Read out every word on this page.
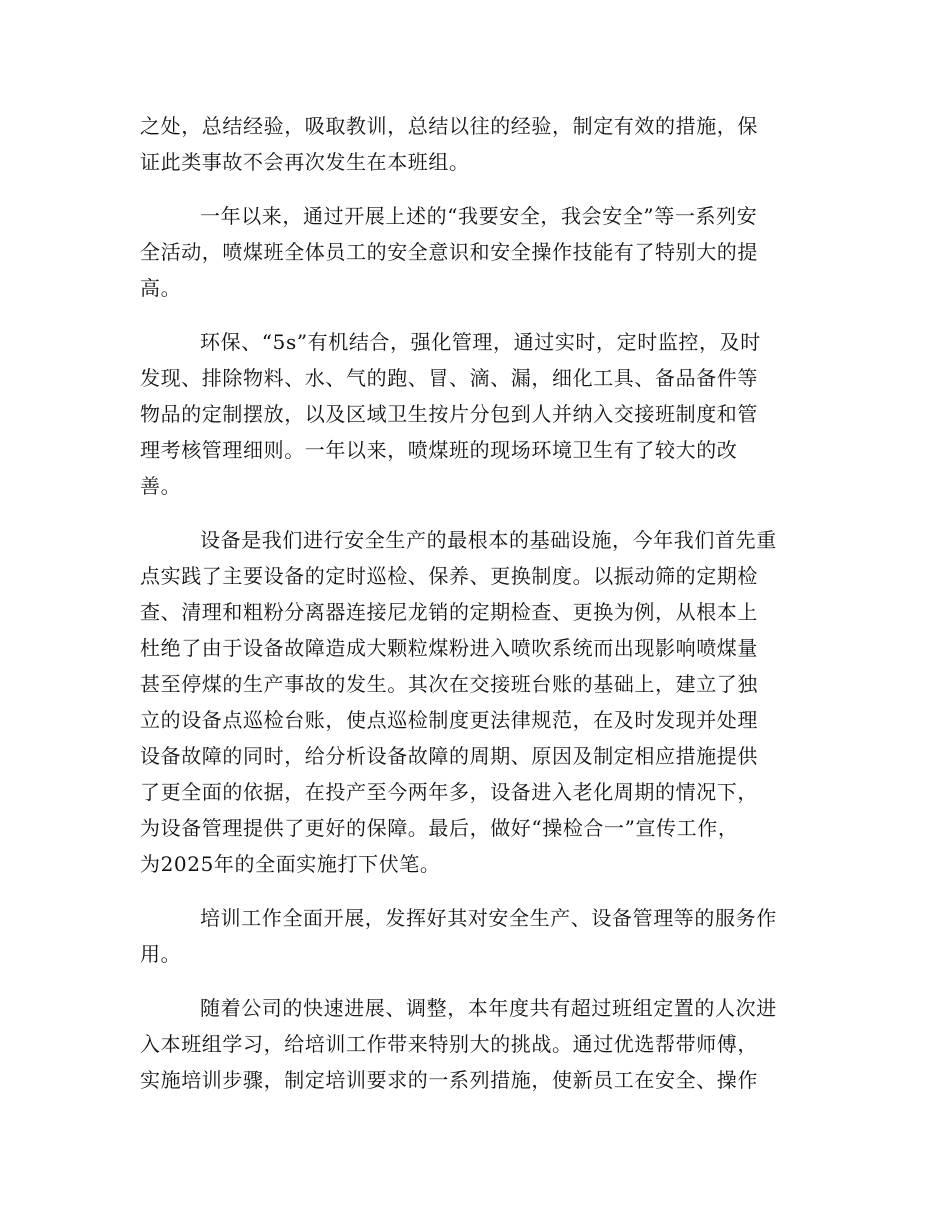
之处，总结经验，吸取教训，总结以往的经验，制定有效的措施，保
证此类事故不会再次发生在本班组。

一年以来，通过开展上述的“我要安全，我会安全”等一系列安
全活动，喷煤班全体员工的安全意识和安全操作技能有了特别大的提
高。

环保、“5s”有机结合，强化管理，通过实时，定时监控，及时
发现、排除物料、水、气的跑、冒、滴、漏，细化工具、备品备件等
物品的定制摆放，以及区域卫生按片分包到人并纳入交接班制度和管
理考核管理细则。一年以来，喷煤班的现场环境卫生有了较大的改
善。

设备是我们进行安全生产的最根本的基础设施，今年我们首先重
点实践了主要设备的定时巡检、保养、更换制度。以振动筛的定期检
查、清理和粗粉分离器连接尼龙销的定期检查、更换为例，从根本上
杜绝了由于设备故障造成大颗粒煤粉进入喷吹系统而出现影响喷煤量
甚至停煤的生产事故的发生。其次在交接班台账的基础上，建立了独
立的设备点巡检台账，使点巡检制度更法律规范，在及时发现并处理
设备故障的同时，给分析设备故障的周期、原因及制定相应措施提供
了更全面的依据，在投产至今两年多，设备进入老化周期的情况下，
为设备管理提供了更好的保障。最后，做好“操检合一”宣传工作，
为2025年的全面实施打下伏笔。

培训工作全面开展，发挥好其对安全生产、设备管理等的服务作
用。

随着公司的快速进展、调整，本年度共有超过班组定置的人次进
入本班组学习，给培训工作带来特别大的挑战。通过优选帮带师傅，
实施培训步骤，制定培训要求的一系列措施，使新员工在安全、操作
